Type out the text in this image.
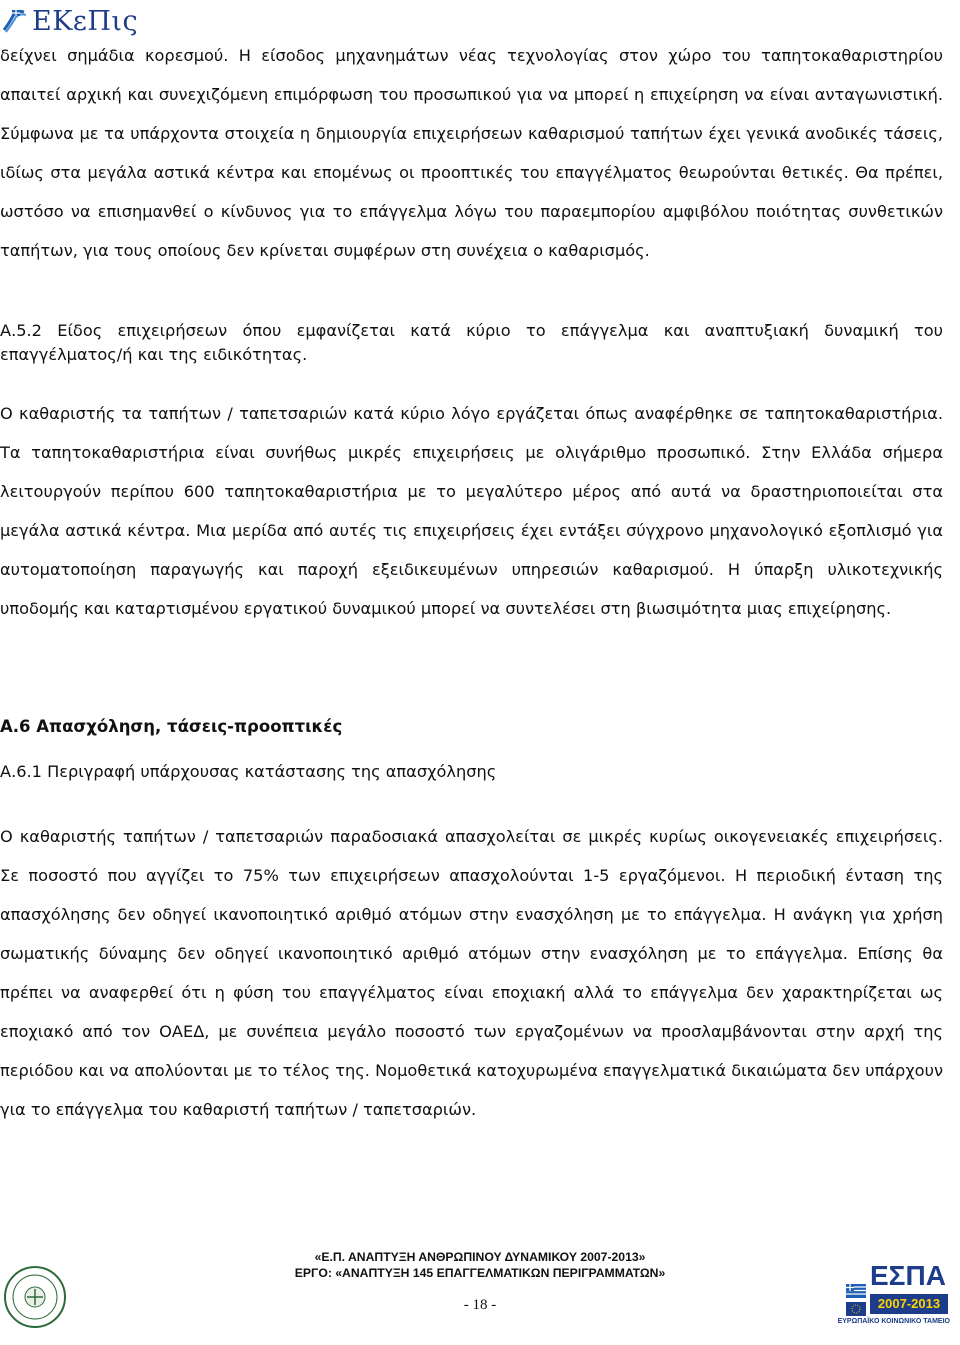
ΕΚεΠις

δείχνει σημάδια κορεσμού. Η είσοδος μηχανημάτων νέας τεχνολογίας στον χώρο του ταπητοκαθαριστηρίου απαιτεί αρχική και συνεχιζόμενη επιμόρφωση του προσωπικού για να μπορεί η επιχείρηση να είναι ανταγωνιστική. Σύμφωνα με τα υπάρχοντα στοιχεία η δημιουργία επιχειρήσεων καθαρισμού ταπήτων έχει γενικά ανοδικές τάσεις, ιδίως στα μεγάλα αστικά κέντρα και επομένως οι προοπτικές του επαγγέλματος θεωρούνται θετικές. Θα πρέπει, ωστόσο να επισημανθεί ο κίνδυνος για το επάγγελμα λόγω του παραεμπορίου αμφιβόλου ποιότητας συνθετικών ταπήτων, για τους οποίους δεν κρίνεται συμφέρων στη συνέχεια ο καθαρισμός.

Α.5.2 Είδος επιχειρήσεων όπου εμφανίζεται κατά κύριο το επάγγελμα και αναπτυξιακή δυναμική του επαγγέλματος/ή και της ειδικότητας.

Ο καθαριστής τα ταπήτων / ταπετσαριών κατά κύριο λόγο εργάζεται όπως αναφέρθηκε σε ταπητοκαθαριστήρια. Τα ταπητοκαθαριστήρια είναι συνήθως μικρές επιχειρήσεις με ολιγάριθμο προσωπικό. Στην Ελλάδα σήμερα λειτουργούν περίπου 600 ταπητοκαθαριστήρια με το μεγαλύτερο μέρος από αυτά να δραστηριοποιείται στα μεγάλα αστικά κέντρα. Μια μερίδα από αυτές τις επιχειρήσεις έχει εντάξει σύγχρονο μηχανολογικό εξοπλισμό για αυτοματοποίηση παραγωγής και παροχή εξειδικευμένων υπηρεσιών καθαρισμού. Η ύπαρξη υλικοτεχνικής υποδομής και καταρτισμένου εργατικού δυναμικού μπορεί να συντελέσει στη βιωσιμότητα μιας επιχείρησης.

Α.6 Απασχόληση, τάσεις-προοπτικές

Α.6.1 Περιγραφή υπάρχουσας κατάστασης της απασχόλησης

Ο καθαριστής ταπήτων / ταπετσαριών παραδοσιακά απασχολείται σε μικρές κυρίως οικογενειακές επιχειρήσεις. Σε ποσοστό που αγγίζει το 75% των επιχειρήσεων απασχολούνται 1-5 εργαζόμενοι. Η περιοδική ένταση της απασχόλησης δεν οδηγεί ικανοποιητικό αριθμό ατόμων στην ενασχόληση με το επάγγελμα. Η ανάγκη για χρήση σωματικής δύναμης δεν οδηγεί ικανοποιητικό αριθμό ατόμων στην ενασχόληση με το επάγγελμα. Επίσης θα πρέπει να αναφερθεί ότι η φύση του επαγγέλματος είναι εποχιακή αλλά το επάγγελμα δεν χαρακτηρίζεται ως εποχιακό από τον ΟΑΕΔ, με συνέπεια μεγάλο ποσοστό των εργαζομένων να προσλαμβάνονται στην αρχή της περιόδου και να απολύονται με το τέλος της. Νομοθετικά κατοχυρωμένα επαγγελματικά δικαιώματα δεν υπάρχουν για το επάγγελμα του καθαριστή ταπήτων / ταπετσαριών.

«Ε.Π. ΑΝΑΠΤΥΞΗ ΑΝΘΡΩΠΙΝΟΥ ΔΥΝΑΜΙΚΟΥ 2007-2013»
ΕΡΓΟ: «ΑΝΑΠΤΥΞΗ 145 ΕΠΑΓΓΕΛΜΑΤΙΚΩΝ ΠΕΡΙΓΡΑΜΜΑΤΩΝ»
- 18 -
ΕΣΠΑ
2007-2013
ΕΥΡΩΠΑΪΚΟ ΚΟΙΝΩΝΙΚΟ ΤΑΜΕΙΟ
